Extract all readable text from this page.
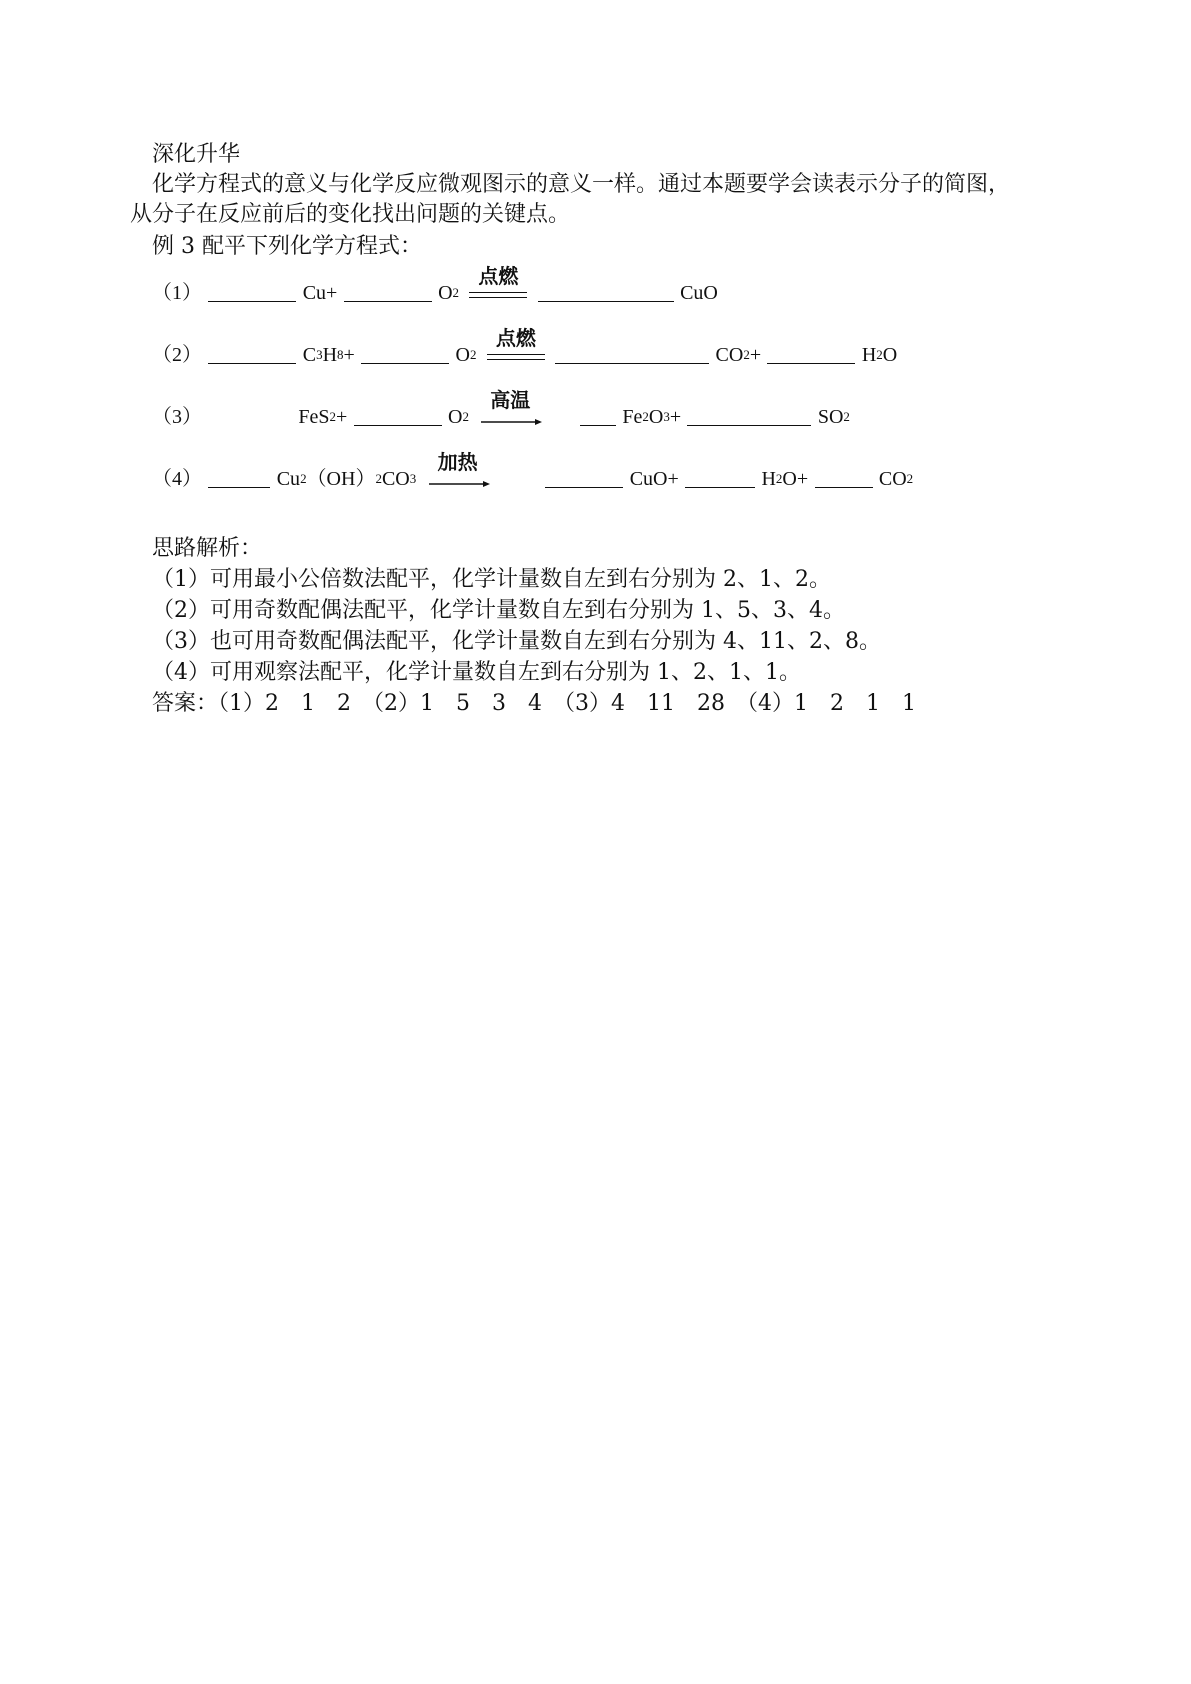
深化升华
化学方程式的意义与化学反应微观图示的意义一样。通过本题要学会读表示分子的简图，
从分子在反应前后的变化找出问题的关键点。
例 3 配平下列化学方程式：
（1）	Cu+	$O_2$
点燃
CuO
（2）	$C_3H_8+$	$O_2$
点燃
$CO_2+$	$H_2O$
（3）	FeS$_2$+	$O_2$
高温
$Fe_2O_3+$	$SO_2$
（4）	$Cu_2(OH)_2CO_3$
加热
CuO+	$H_2O+$	$CO_2$
思路解析：
（1）可用最小公倍数法配平，化学计量数自左到右分别为 2、1、2。
（2）可用奇数配偶法配平，化学计量数自左到右分别为 1、5、3、4。
（3）也可用奇数配偶法配平，化学计量数自左到右分别为 4、11、2、8。
（4）可用观察法配平，化学计量数自左到右分别为 1、2、1、1。
答案：（1）2　1　2　（2）1　5　3　4　（3）4　11　28　（4）1　2　1　1
